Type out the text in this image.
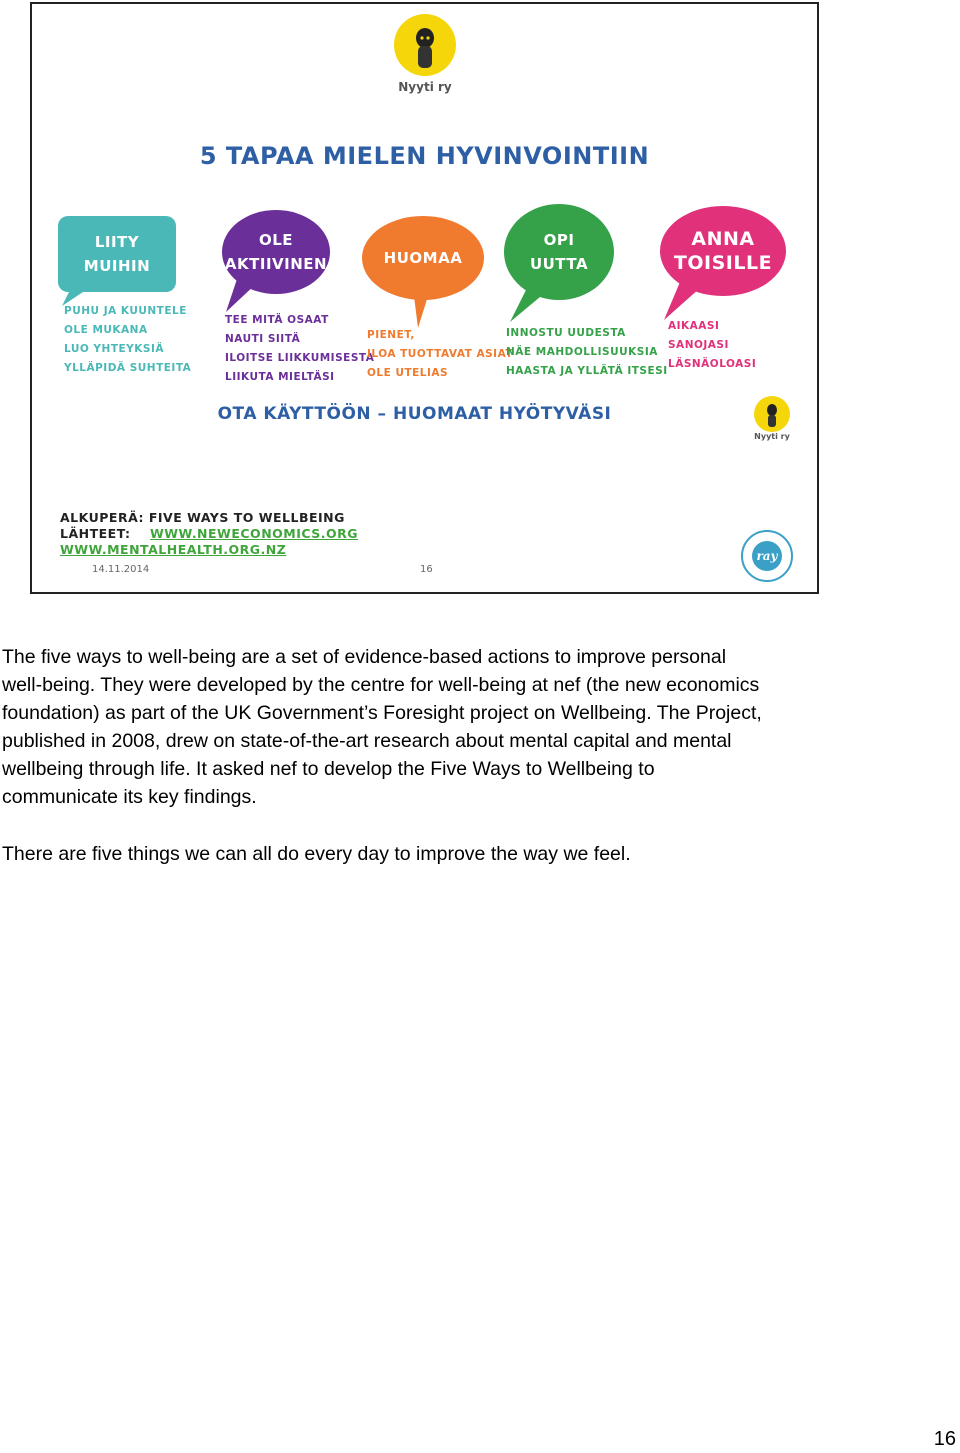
Nyyti ry
5 TAPAA MIELEN HYVINVOINTIIN
LIITY
MUIHIN
PUHU JA KUUNTELE
OLE MUKANA
LUO YHTEYKSIÄ
YLLÄPIDÄ SUHTEITA
OLE
AKTIIVINEN
TEE MITÄ OSAAT
NAUTI SIITÄ
ILOITSE LIIKKUMISESTA
LIIKUTA MIELTÄSI
HUOMAA
PIENET,
ILOA TUOTTAVAT ASIAT
OLE UTELIAS
OPI
UUTTA
INNOSTU UUDESTA
NÄE MAHDOLLISUUKSIA
HAASTA JA YLLÄTÄ ITSESI
ANNA
TOISILLE
AIKAASI
SANOJASI
LÄSNÄOLOASI
OTA KÄYTTÖÖN – HUOMAAT HYÖTYVÄSI
Nyyti ry
ALKUPERÄ: FIVE WAYS TO WELLBEING
LÄHTEET: WWW.NEWECONOMICS.ORG
WWW.MENTALHEALTH.ORG.NZ
14.11.2014	16
ray
The five ways to well-being are a set of evidence-based actions to improve personal
well-being. They were developed by the centre for well-being at nef (the new economics
foundation) as part of the UK Government’s Foresight project on Wellbeing. The Project,
published in 2008, drew on state-of-the-art research about mental capital and mental
wellbeing through life. It asked nef to develop the Five Ways to Wellbeing to
communicate its key findings.
There are five things we can all do every day to improve the way we feel.
16
